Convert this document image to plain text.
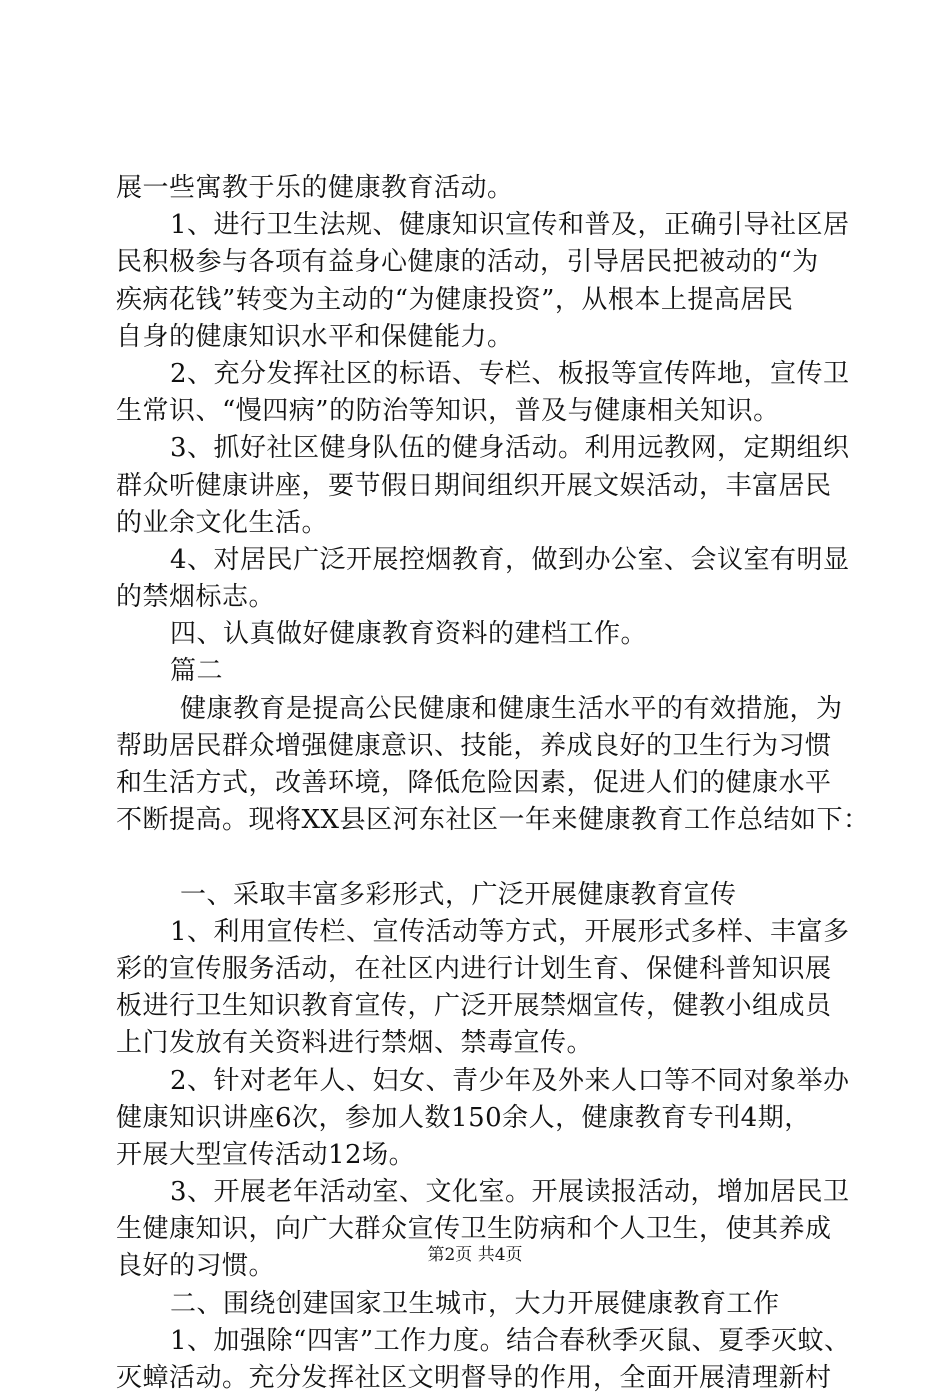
展一些寓教于乐的健康教育活动。
1、进行卫生法规、健康知识宣传和普及，正确引导社区居
民积极参与各项有益身心健康的活动，引导居民把被动的“为
疾病花钱”转变为主动的“为健康投资”，从根本上提高居民
自身的健康知识水平和保健能力。
2、充分发挥社区的标语、专栏、板报等宣传阵地，宣传卫
生常识、“慢四病”的防治等知识，普及与健康相关知识。
3、抓好社区健身队伍的健身活动。利用远教网，定期组织
群众听健康讲座，要节假日期间组织开展文娱活动，丰富居民
的业余文化生活。
4、对居民广泛开展控烟教育，做到办公室、会议室有明显
的禁烟标志。
四、认真做好健康教育资料的建档工作。
篇二
健康教育是提高公民健康和健康生活水平的有效措施，为
帮助居民群众增强健康意识、技能，养成良好的卫生行为习惯
和生活方式，改善环境，降低危险因素，促进人们的健康水平
不断提高。现将XX县区河东社区一年来健康教育工作总结如下：
一、采取丰富多彩形式，广泛开展健康教育宣传
1、利用宣传栏、宣传活动等方式，开展形式多样、丰富多
彩的宣传服务活动，在社区内进行计划生育、保健科普知识展
板进行卫生知识教育宣传，广泛开展禁烟宣传，健教小组成员
上门发放有关资料进行禁烟、禁毒宣传。
2、针对老年人、妇女、青少年及外来人口等不同对象举办
健康知识讲座6次，参加人数150余人，健康教育专刊4期，
开展大型宣传活动12场。
3、开展老年活动室、文化室。开展读报活动，增加居民卫
生健康知识，向广大群众宣传卫生防病和个人卫生，使其养成
良好的习惯。
二、围绕创建国家卫生城市，大力开展健康教育工作
1、加强除“四害”工作力度。结合春秋季灭鼠、夏季灭蚊、
灭蟑活动。充分发挥社区文明督导的作用，全面开展清理新村
第2页 共4页
